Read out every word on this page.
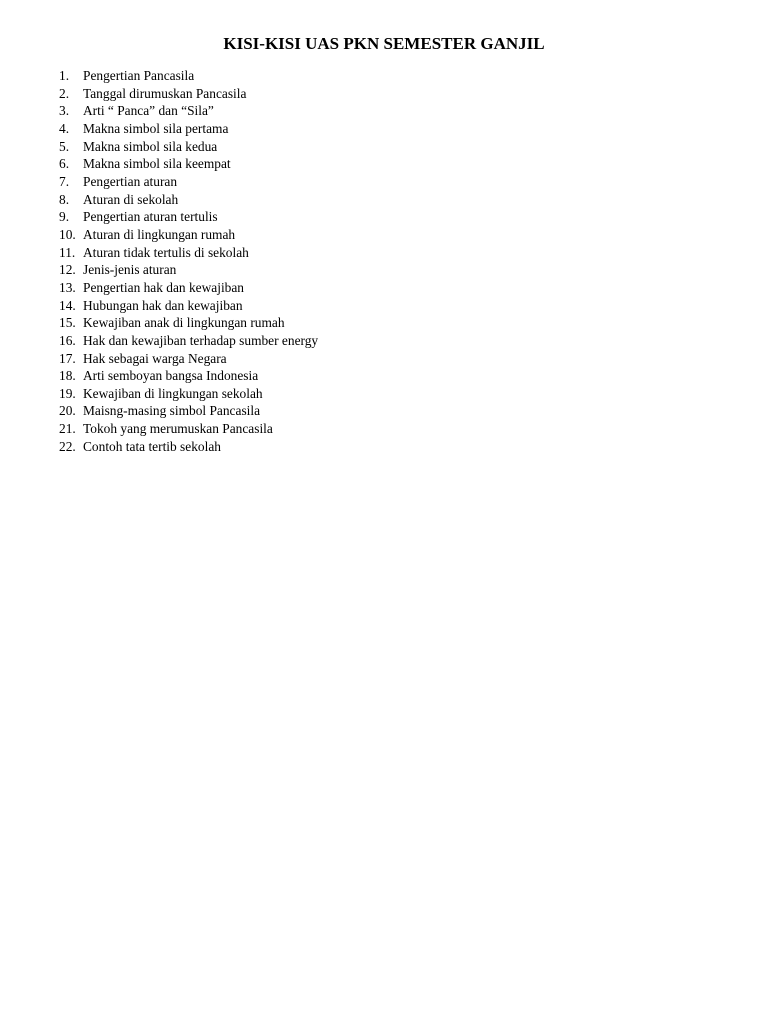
KISI-KISI UAS PKN SEMESTER GANJIL
1.	Pengertian Pancasila
2.	Tanggal dirumuskan Pancasila
3.	Arti “ Panca” dan “Sila”
4.	Makna simbol sila pertama
5.	Makna simbol sila kedua
6.	Makna simbol sila keempat
7.	Pengertian aturan
8.	Aturan di sekolah
9.	Pengertian aturan tertulis
10. Aturan di lingkungan rumah
11. Aturan tidak tertulis di sekolah
12. Jenis-jenis aturan
13. Pengertian hak dan kewajiban
14. Hubungan hak dan kewajiban
15. Kewajiban anak di lingkungan rumah
16. Hak dan kewajiban terhadap sumber energy
17. Hak sebagai warga Negara
18. Arti semboyan bangsa Indonesia
19. Kewajiban di lingkungan sekolah
20. Maisng-masing simbol Pancasila
21. Tokoh yang merumuskan Pancasila
22. Contoh tata tertib sekolah
